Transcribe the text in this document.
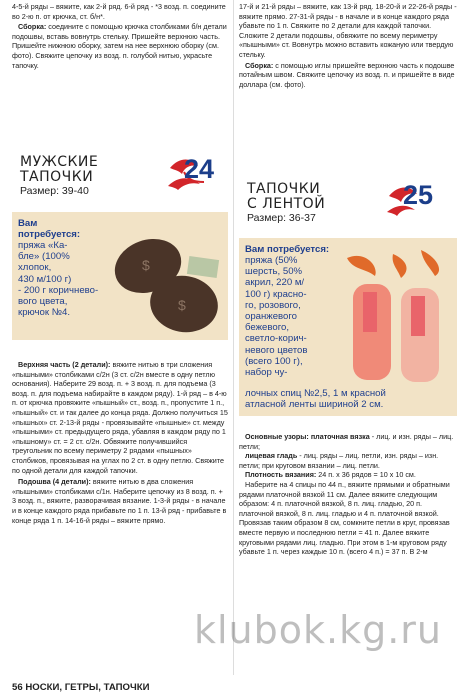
4-5-й ряды – вяжите, как 2-й ряд. 6-й ряд - *3 возд. п. соедините во 2-ю п. от крючка, ст. б/н*.

Сборка: соедините с помощью крючка столбиками б/н детали подошвы, вставь вовнутрь стельку. Пришейте верхнюю часть. Пришейте нижнюю оборку, затем на нее верхнюю оборку (см. фото). Свяжите цепочку из возд. п. голубой нитью, украсьте тапочку.

МУЖСКИЕ
ТАПОЧКИ
Размер: 39-40
24

Вам потребуется:

пряжа «Ка-

бле» (100%

хлопок,

430 м/100 г)

- 200 г коричнево-

вого цвета,

крючок №4.

$
$

Верхняя часть (2 детали): вяжите нитью в три сложения «пышными» столбиками с/2н (3 ст. с/2н вместе в одну петлю основания). Наберите 29 возд. п. + 3 возд. п. для подъема (3 возд. п. для подъема набирайте в каждом ряду). 1-й ряд – в 4-ю п. от крючка провяжите «пышный» ст., возд. п., пропустите 1 п., «пышный» ст. и так далее до конца ряда. Должно получиться 15 «пышных» ст. 2-13-й ряды - провязывайте «пышные» ст. между «пышными» ст. предыдущего ряда, убавляя в каждом ряду по 1 «пышному» ст. = 2 ст. с/2н. Обвяжите получившийся треугольник по всему периметру 2 рядами «пышных» столбиков, провязывая на углах по 2 ст. в одну петлю. Свяжите по одной детали для каждой тапочки.

Подошва (4 детали): вяжите нитью в два сложения «пышными» столбиками с/1н. Наберите цепочку из 8 возд. п. + 3 возд. п., вяжите, разворачивая вязание. 1-3-й ряды - в начале и в конце каждого ряда прибавьте по 1 п. 13-й ряд - прибавьте в конце ряда 1 п. 14-16-й ряды – вяжите прямо.

17-й и 21-й ряды – вяжите, как 13-й ряд. 18-20-й и 22-26-й ряды - вяжите прямо. 27-31-й ряды - в начале и в конце каждого ряда убавьте по 1 п. Свяжите по 2 детали для каждой тапочки. Сложите 2 детали подошвы, обвяжите по всему периметру «пышными» ст. Вовнутрь можно вставить кожаную или твердую стельку.

Сборка: с помощью иглы пришейте верхнюю часть к подошве потайным швом. Свяжите цепочку из возд. п. и пришейте в виде доллара (см. фото).

ТАПОЧКИ
С ЛЕНТОЙ
Размер: 36-37
25

Вам потребуется:

пряжа (50%

шерсть, 50%

акрил, 220 м/

100 г) красно-

го, розового,

оранжевого

бежевого,

светло-корич-

невого цветов

(всего 100 г),

набор чу-

лочных спиц №2,5, 1 м красной

атласной ленты шириной 2 см.

Основные узоры: платочная вязка - лиц. и изн. ряды – лиц. петли;

лицевая гладь - лиц. ряды – лиц. петли, изн. ряды – изн. петли; при круговом вязании – лиц. петли.

Плотность вязания: 24 п. х 36 рядов = 10 х 10 см.

Наберите на 4 спицы по 44 п., вяжите прямыми и обратными рядами платочной вязкой 11 см. Далее вяжите следующим образом: 4 п. платочной вязкой, 8 п. лиц. гладью, 20 п. платочной вязкой, 8 п. лиц. гладью и 4 п. платочной вязкой. Провязав таким образом 8 см, сомкните петли в круг, провязав вместе первую и последнюю петли = 41 п. Далее вяжите круговыми рядами лиц. гладью. При этом в 1-м круговом ряду убавьте 1 п. через каждые 10 п. (всего 4 п.) = 37 п. В 2-м

56 НОСКИ, ГЕТРЫ, ТАПОЧКИ
klubok.kg.ru
